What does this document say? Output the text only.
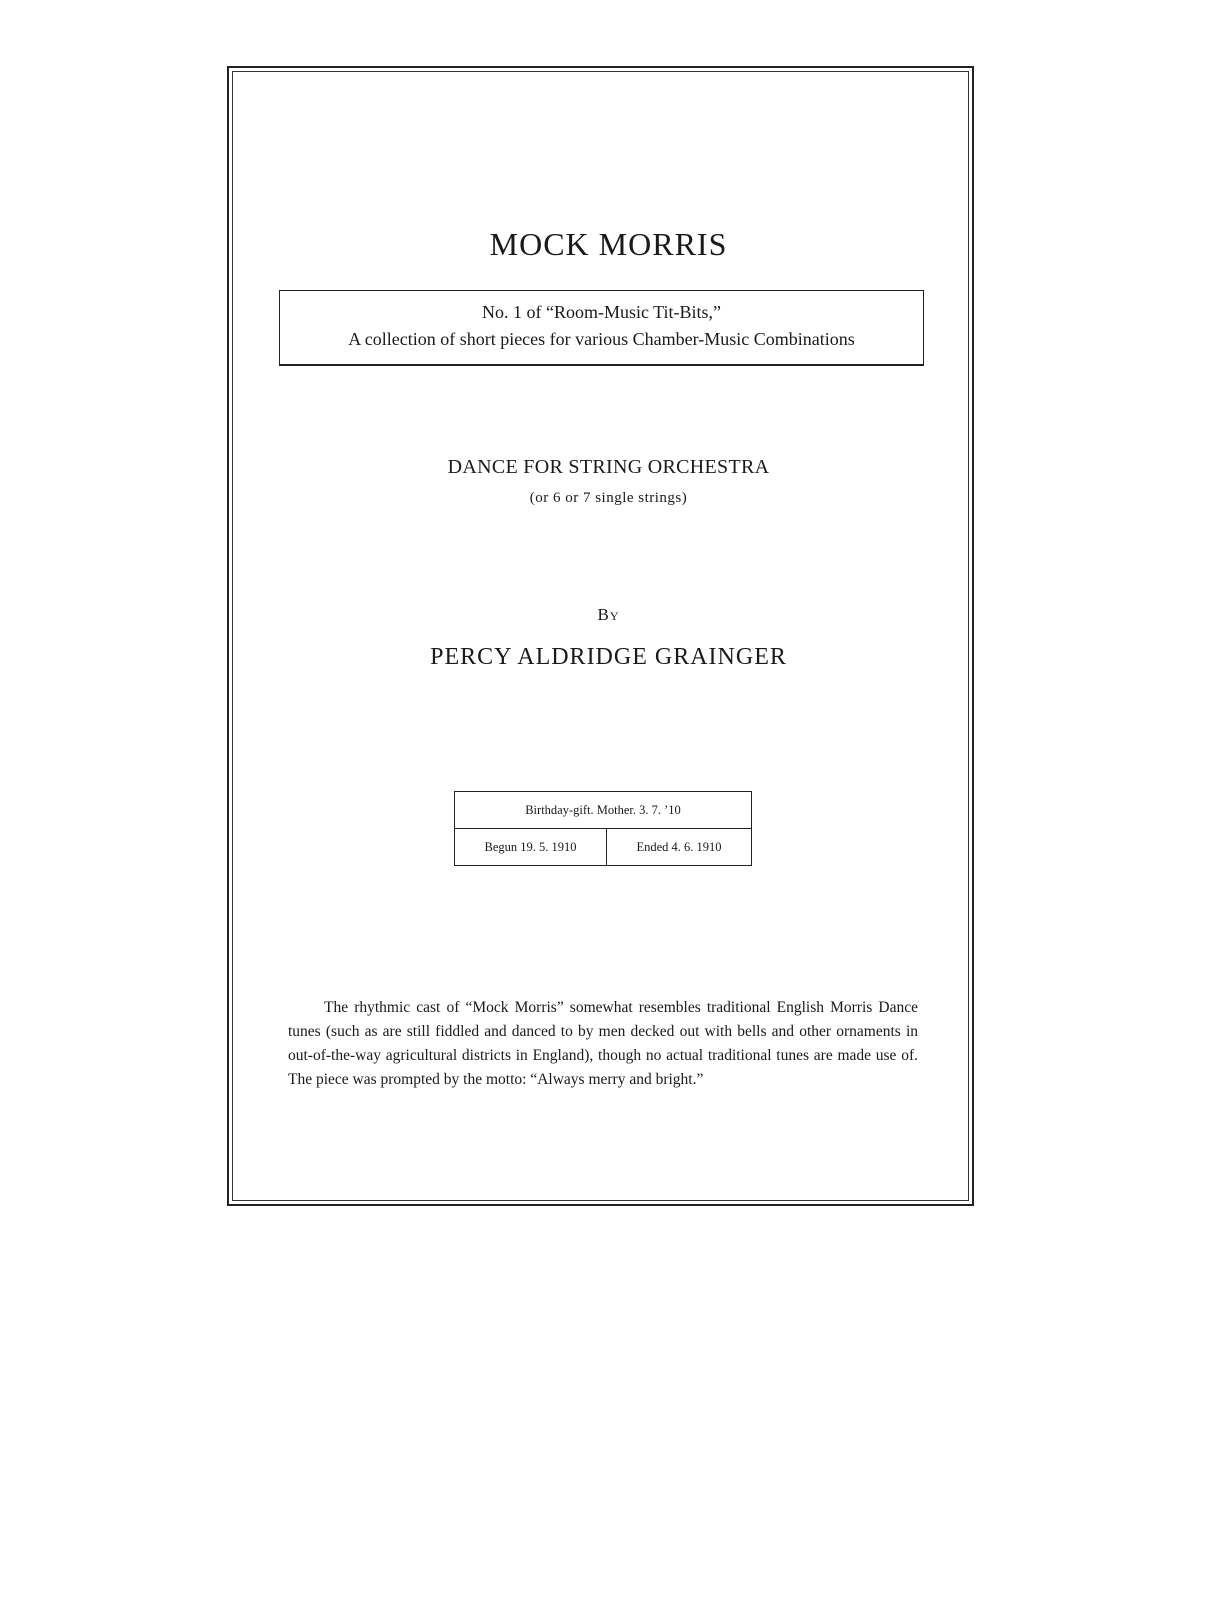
MOCK MORRIS
No. 1 of “Room-Music Tit-Bits,”
A collection of short pieces for various Chamber-Music Combinations
DANCE FOR STRING ORCHESTRA
(or 6 or 7 single strings)
By
PERCY ALDRIDGE GRAINGER
Birthday-gift. Mother. 3. 7. ’10
Begun 19. 5. 1910	Ended 4. 6. 1910

The rhythmic cast of “Mock Morris” somewhat resembles traditional English Morris Dance tunes (such as are still fiddled and danced to by men decked out with bells and other ornaments in out-of-the-way agricultural districts in England), though no actual traditional tunes are made use of. The piece was prompted by the motto: “Always merry and bright.”
